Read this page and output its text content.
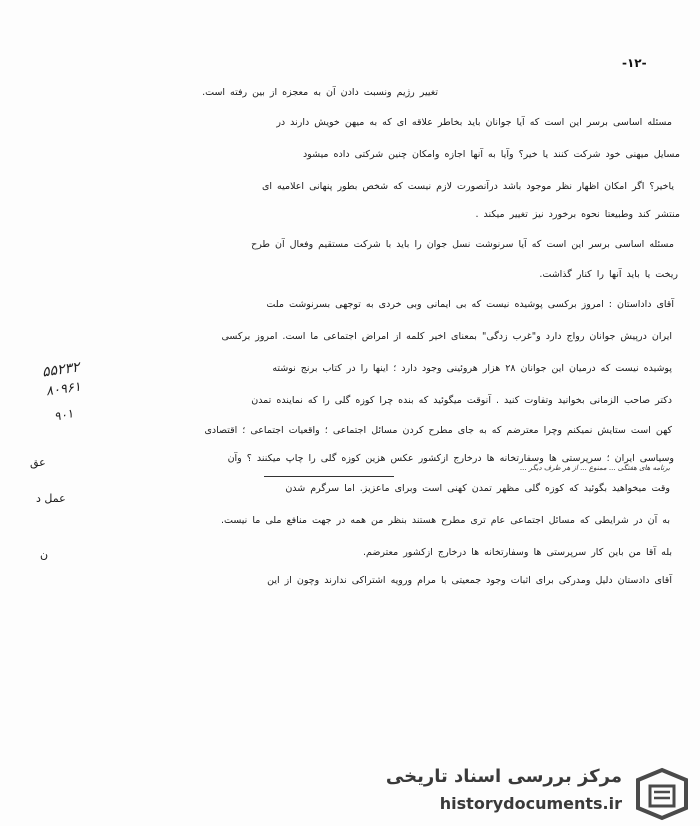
-۱۲-
تغییر رژیم ونسبت دادن آن به معجزه از بین رفته است.
مسئله اساسی برسر این است که آیا جوانان باید بخاطر علاقه ای که به میهن خویش دارند در
مسایل میهنی خود شرکت کنند یا خیر؟ وآیا به آنها اجازه وامکان چنین شرکتی داده میشود
یاخیر؟ اگر امکان اظهار نظر موجود باشد درآنصورت لازم نیست که شخص بطور پنهانی اعلامیه ای
منتشر کند وطبیعتا نحوه برخورد نیز تغییر میکند .
مسئله اساسی برسر این است که آیا سرنوشت نسل جوان را باید با شرکت مستقیم وفعال آن طرح
ریخت یا باید آنها را کنار گذاشت.
آقای داداستان : امروز برکسی پوشیده نیست که بی ایمانی وبی خردی به توجهی بسرنوشت ملت
ایران درپیش جوانان رواج دارد و"غرب زدگی" بمعنای اخیر کلمه از امراض اجتماعی ما است. امروز برکسی
پوشیده نیست که درمیان این جوانان ۲۸ هزار هروئینی وجود دارد ؛ اینها را در کتاب برنج نوشته
دکتر صاحب الزمانی بخوانید وتفاوت کنید . آنوقت میگوئید که بنده چرا کوزه گلی را که نماینده تمدن
کهن است ستایش نمیکنم وچرا معترضم که به جای مطرح کردن مسائل اجتماعی ؛ واقعیات اجتماعی ؛ اقتصادی
وسیاسی ایران ؛ سرپرستی ها وسفارتخانه ها درخارج ازکشور عکس هزین کوزه گلی را چاپ میکنند ؟ وآن
برنامه های هفتگی ... ممنوع ... از هر طرف دیگر ...
وقت میخواهید بگوئید که کوزه گلی مظهر تمدن کهنی است وبرای ماعزیز. اما سرگرم شدن
به آن در شرایطی که مسائل اجتماعی عام تری مطرح هستند بنظر من همه در جهت منافع ملی ما نیست.
بله آقا من باین کار سرپرستی ها وسفارتخانه ها درخارج ازکشور معترضم.
آقای دادستان دلیل ومدرکی برای اثبات وجود جمعیتی با مرام ورویه اشتراکی ندارند وچون از این
۵۵۲۳۲
۸۰۹۶۱
۹۰۱
عق
عمل د
ن
مرکز بررسی اسناد تاریخی
historydocuments.ir
